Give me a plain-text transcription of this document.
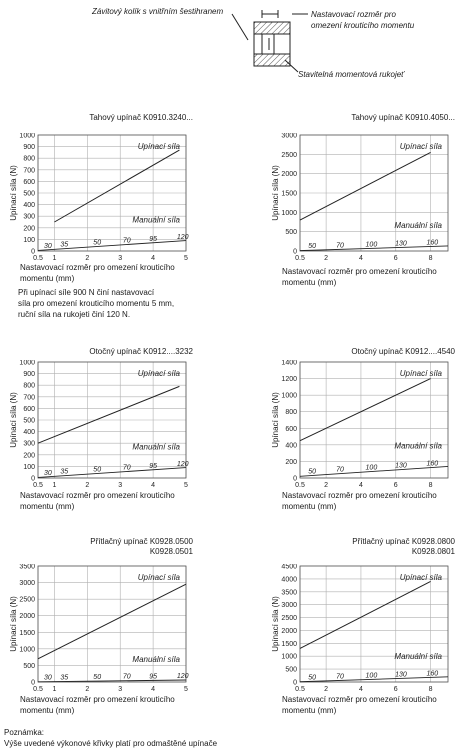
Závitový kolík s vnitřním šestihranem	Nastavovací rozměr pro
omezení krouticího momentu
Stavitelná momentová rukojeť
0
100
200
300
400
500
600
700
800
900
1000
0.5 1	2	3	4	5
30 35	50	70	95	120
Upínací síla
Manuální síla
Upínací síla (N)
Tahový upínač K0910.3240...
Nastavovací rozměr pro omezení krouticího
momentu (mm)
0
500
1000
1500
2000
2500
3000
0.5	2	4	6	8
50	70	100	130	160
Upínací síla
Manuální síla
Upínací síla (N)
Tahový upínač K0910.4050...
Nastavovací rozměr pro omezení krouticího
momentu (mm)
0
100
200
300
400
500
600
700
800
900
1000
0.5 1	2	3	4	5
30 35	50	70	95	120
Upínací síla
Manuální síla
Upínací síla (N)
Otočný upínač K0912....3232
Nastavovací rozměr pro omezení krouticího
momentu (mm)
0
200
400
600
800
1000
1200
1400
0.5	2	4	6	8
50	70	100	130	160
Upínací síla
Manuální síla
Upínací síla (N)
Otočný upínač K0912....4540
Nastavovací rozměr pro omezení krouticího
momentu (mm)
0
500
1000
1500
2000
2500
3000
3500
0.5 1	2	3	4	5
30 35	50	70	95	120
Upínací síla
Manuální síla
Upínací síla (N)
Přítlačný upínač K0928.0500
K0928.0501
Nastavovací rozměr pro omezení krouticího
momentu (mm)
0
500
1000
1500
2000
2500
3000
3500
4000
4500
0.5	2	4	6	8
50	70	100	130	160
Upínací síla
Manuální síla
Upínací síla (N)
Přítlačný upínač K0928.0800
K0928.0801
Nastavovací rozměr pro omezení krouticího
momentu (mm)
Při upínací síle 900 N činí nastavovací
síla pro omezení krouticího momentu 5 mm,
ruční síla na rukojeti činí 120 N.
Poznámka:
Výše uvedené výkonové křivky platí pro odmaštěné upínače
